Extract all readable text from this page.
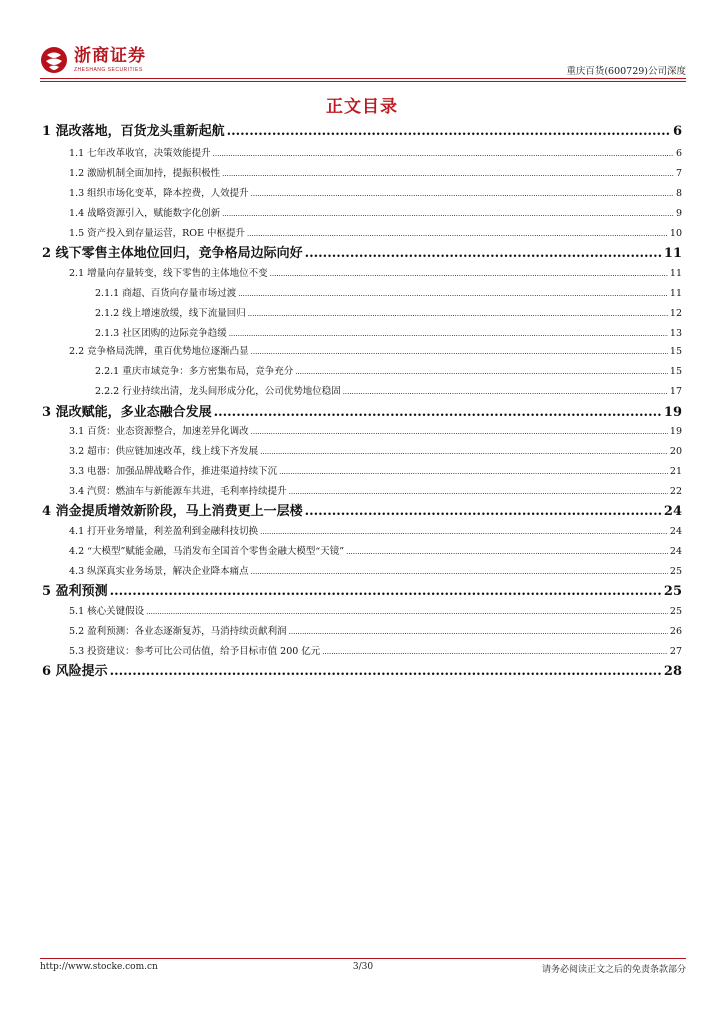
浙商证券
ZHESHANG SECURITIES	重庆百货(600729)公司深度
正文目录
1 混改落地，百货龙头重新起航 .....	6
1.1 七年改革收官，决策效能提升 .....	6
1.2 激励机制全面加持，提振积极性 .....	7
1.3 组织市场化变革，降本控费，人效提升 .....	8
1.4 战略资源引入，赋能数字化创新 .....	9
1.5 资产投入到存量运营，ROE 中枢提升 .....	10
2 线下零售主体地位回归，竞争格局边际向好 .....	11
2.1 增量向存量转变，线下零售的主体地位不变 .....	11
2.1.1 商超、百货向存量市场过渡 .....	11
2.1.2 线上增速放缓，线下流量回归 .....	12
2.1.3 社区团购的边际竞争趋缓 .....	13
2.2 竞争格局洗牌，重百优势地位逐渐凸显 .....	15
2.2.1 重庆市域竞争：多方密集布局，竞争充分 .....	15
2.2.2 行业持续出清，龙头间形成分化，公司优势地位稳固 .....	17
3 混改赋能，多业态融合发展 .....	19
3.1 百货：业态资源整合，加速差异化调改 .....	19
3.2 超市：供应链加速改革，线上线下齐发展 .....	20
3.3 电器：加强品牌战略合作，推进渠道持续下沉 .....	21
3.4 汽贸：燃油车与新能源车共进，毛利率持续提升 .....	22
4 消金提质增效新阶段，马上消费更上一层楼 .....	24
4.1 打开业务增量，利差盈利到金融科技切换 .....	24
4.2 “大模型”赋能金融，马消发布全国首个零售金融大模型“天镜” .....	24
4.3 纵深真实业务场景，解决企业降本痛点 .....	25
5 盈利预测 .....	25
5.1 核心关键假设 .....	25
5.2 盈利预测：各业态逐渐复苏，马消持续贡献利润 .....	26
5.3 投资建议：参考可比公司估值，给予目标市值 200 亿元 .....	27
6 风险提示 .....	28
http://www.stocke.com.cn	3/30	请务必阅读正文之后的免责条款部分
